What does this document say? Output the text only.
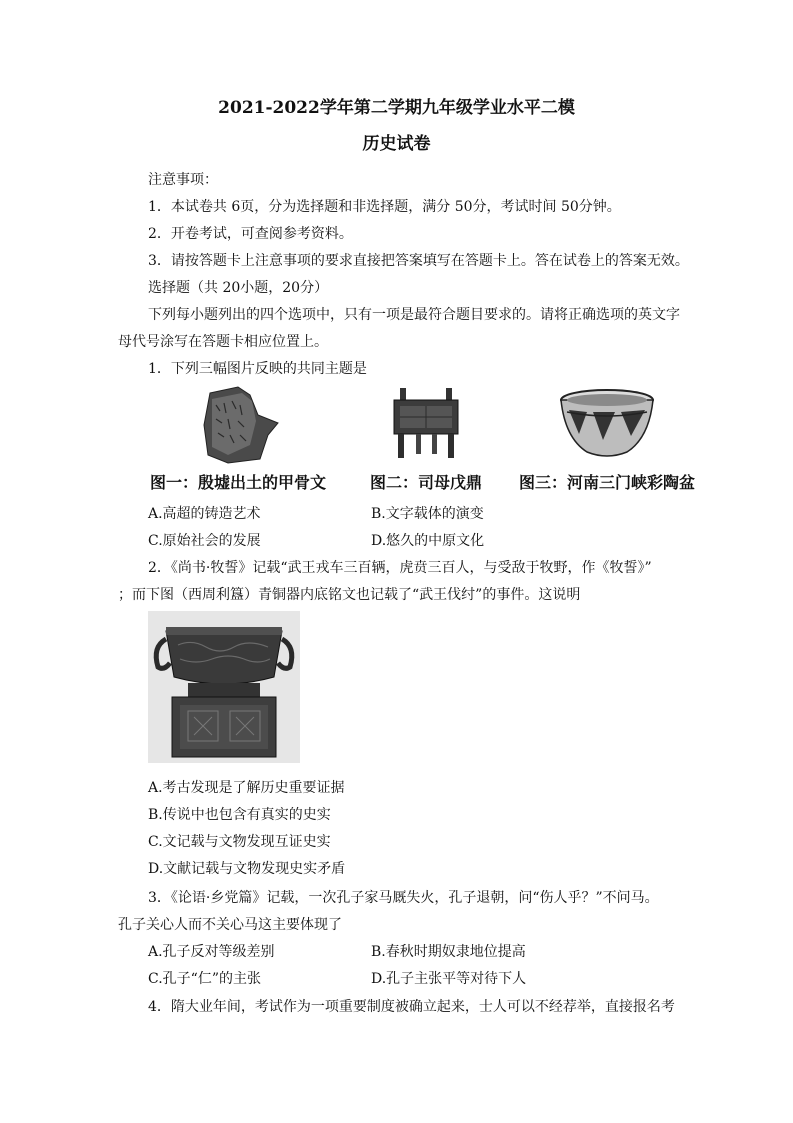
2021-2022学年第二学期九年级学业水平二模
历史试卷
注意事项：
1．本试卷共 6页，分为选择题和非选择题，满分 50分，考试时间 50分钟。
2．开卷考试，可查阅参考资料。
3．请按答题卡上注意事项的要求直接把答案填写在答题卡上。答在试卷上的答案无效。
选择题（共 20小题，20分）
下列每小题列出的四个选项中，只有一项是最符合题目要求的。请将正确选项的英文字
母代号涂写在答题卡相应位置上。
1．下列三幅图片反映的共同主题是
图一：殷墟出土的甲骨文	图二：司母戊鼎 图三：河南三门峡彩陶盆
A.高超的铸造艺术	B.文字载体的演变
C.原始社会的发展	D.悠久的中原文化
2．《尚书·牧誓》记载“武王戎车三百辆，虎贲三百人，与受敌于牧野，作《牧誓》”
；而下图（西周利簋）青铜器内底铭文也记载了“武王伐纣”的事件。这说明
A.考古发现是了解历史重要证据
B.传说中也包含有真实的史实
C.文记载与文物发现互证史实
D.文献记载与文物发现史实矛盾
3．《论语·乡党篇》记载，一次孔子家马厩失火，孔子退朝，问“伤人乎？”不问马。
孔子关心人而不关心马这主要体现了
A.孔子反对等级差别	B.春秋时期奴隶地位提高
C.孔子“仁”的主张	D.孔子主张平等对待下人
4．隋大业年间，考试作为一项重要制度被确立起来，士人可以不经荐举，直接报名考
